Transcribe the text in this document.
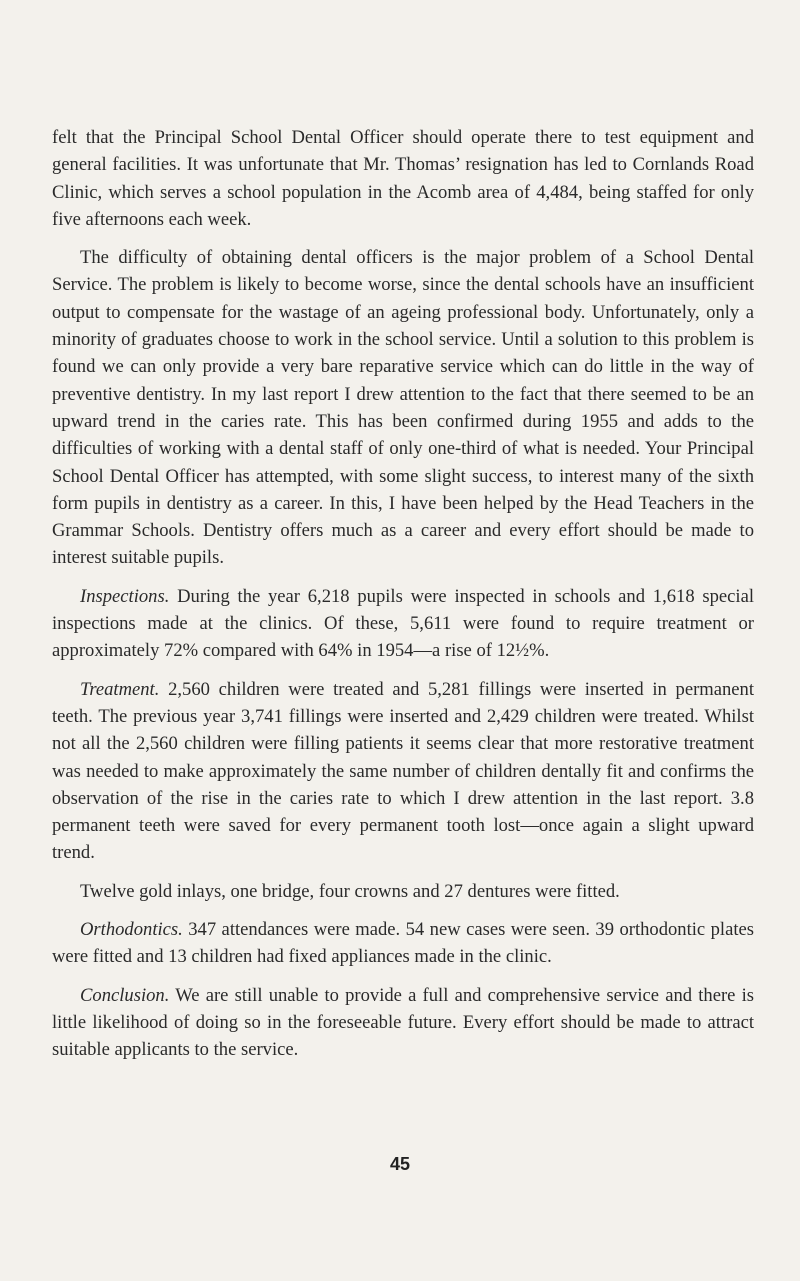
felt that the Principal School Dental Officer should operate there to test equipment and general facilities. It was unfortunate that Mr. Thomas’ resignation has led to Cornlands Road Clinic, which serves a school population in the Acomb area of 4,484, being staffed for only five afternoons each week.

The difficulty of obtaining dental officers is the major problem of a School Dental Service. The problem is likely to become worse, since the dental schools have an insufficient output to compensate for the wastage of an ageing professional body. Unfortunately, only a minority of graduates choose to work in the school service. Until a solution to this problem is found we can only provide a very bare reparative service which can do little in the way of preventive dentistry. In my last report I drew attention to the fact that there seemed to be an upward trend in the caries rate. This has been confirmed during 1955 and adds to the difficulties of working with a dental staff of only one-third of what is needed. Your Principal School Dental Officer has attempted, with some slight success, to interest many of the sixth form pupils in dentistry as a career. In this, I have been helped by the Head Teachers in the Grammar Schools. Dentistry offers much as a career and every effort should be made to interest suitable pupils.

Inspections. During the year 6,218 pupils were inspected in schools and 1,618 special inspections made at the clinics. Of these, 5,611 were found to require treatment or approximately 72% compared with 64% in 1954—a rise of 12½%.

Treatment. 2,560 children were treated and 5,281 fillings were inserted in permanent teeth. The previous year 3,741 fillings were inserted and 2,429 children were treated. Whilst not all the 2,560 children were filling patients it seems clear that more restorative treatment was needed to make approximately the same number of children dentally fit and confirms the observation of the rise in the caries rate to which I drew attention in the last report. 3.8 permanent teeth were saved for every permanent tooth lost—once again a slight upward trend.

Twelve gold inlays, one bridge, four crowns and 27 dentures were fitted.

Orthodontics. 347 attendances were made. 54 new cases were seen. 39 orthodontic plates were fitted and 13 children had fixed appliances made in the clinic.

Conclusion. We are still unable to provide a full and comprehensive service and there is little likelihood of doing so in the foreseeable future. Every effort should be made to attract suitable applicants to the service.

45
